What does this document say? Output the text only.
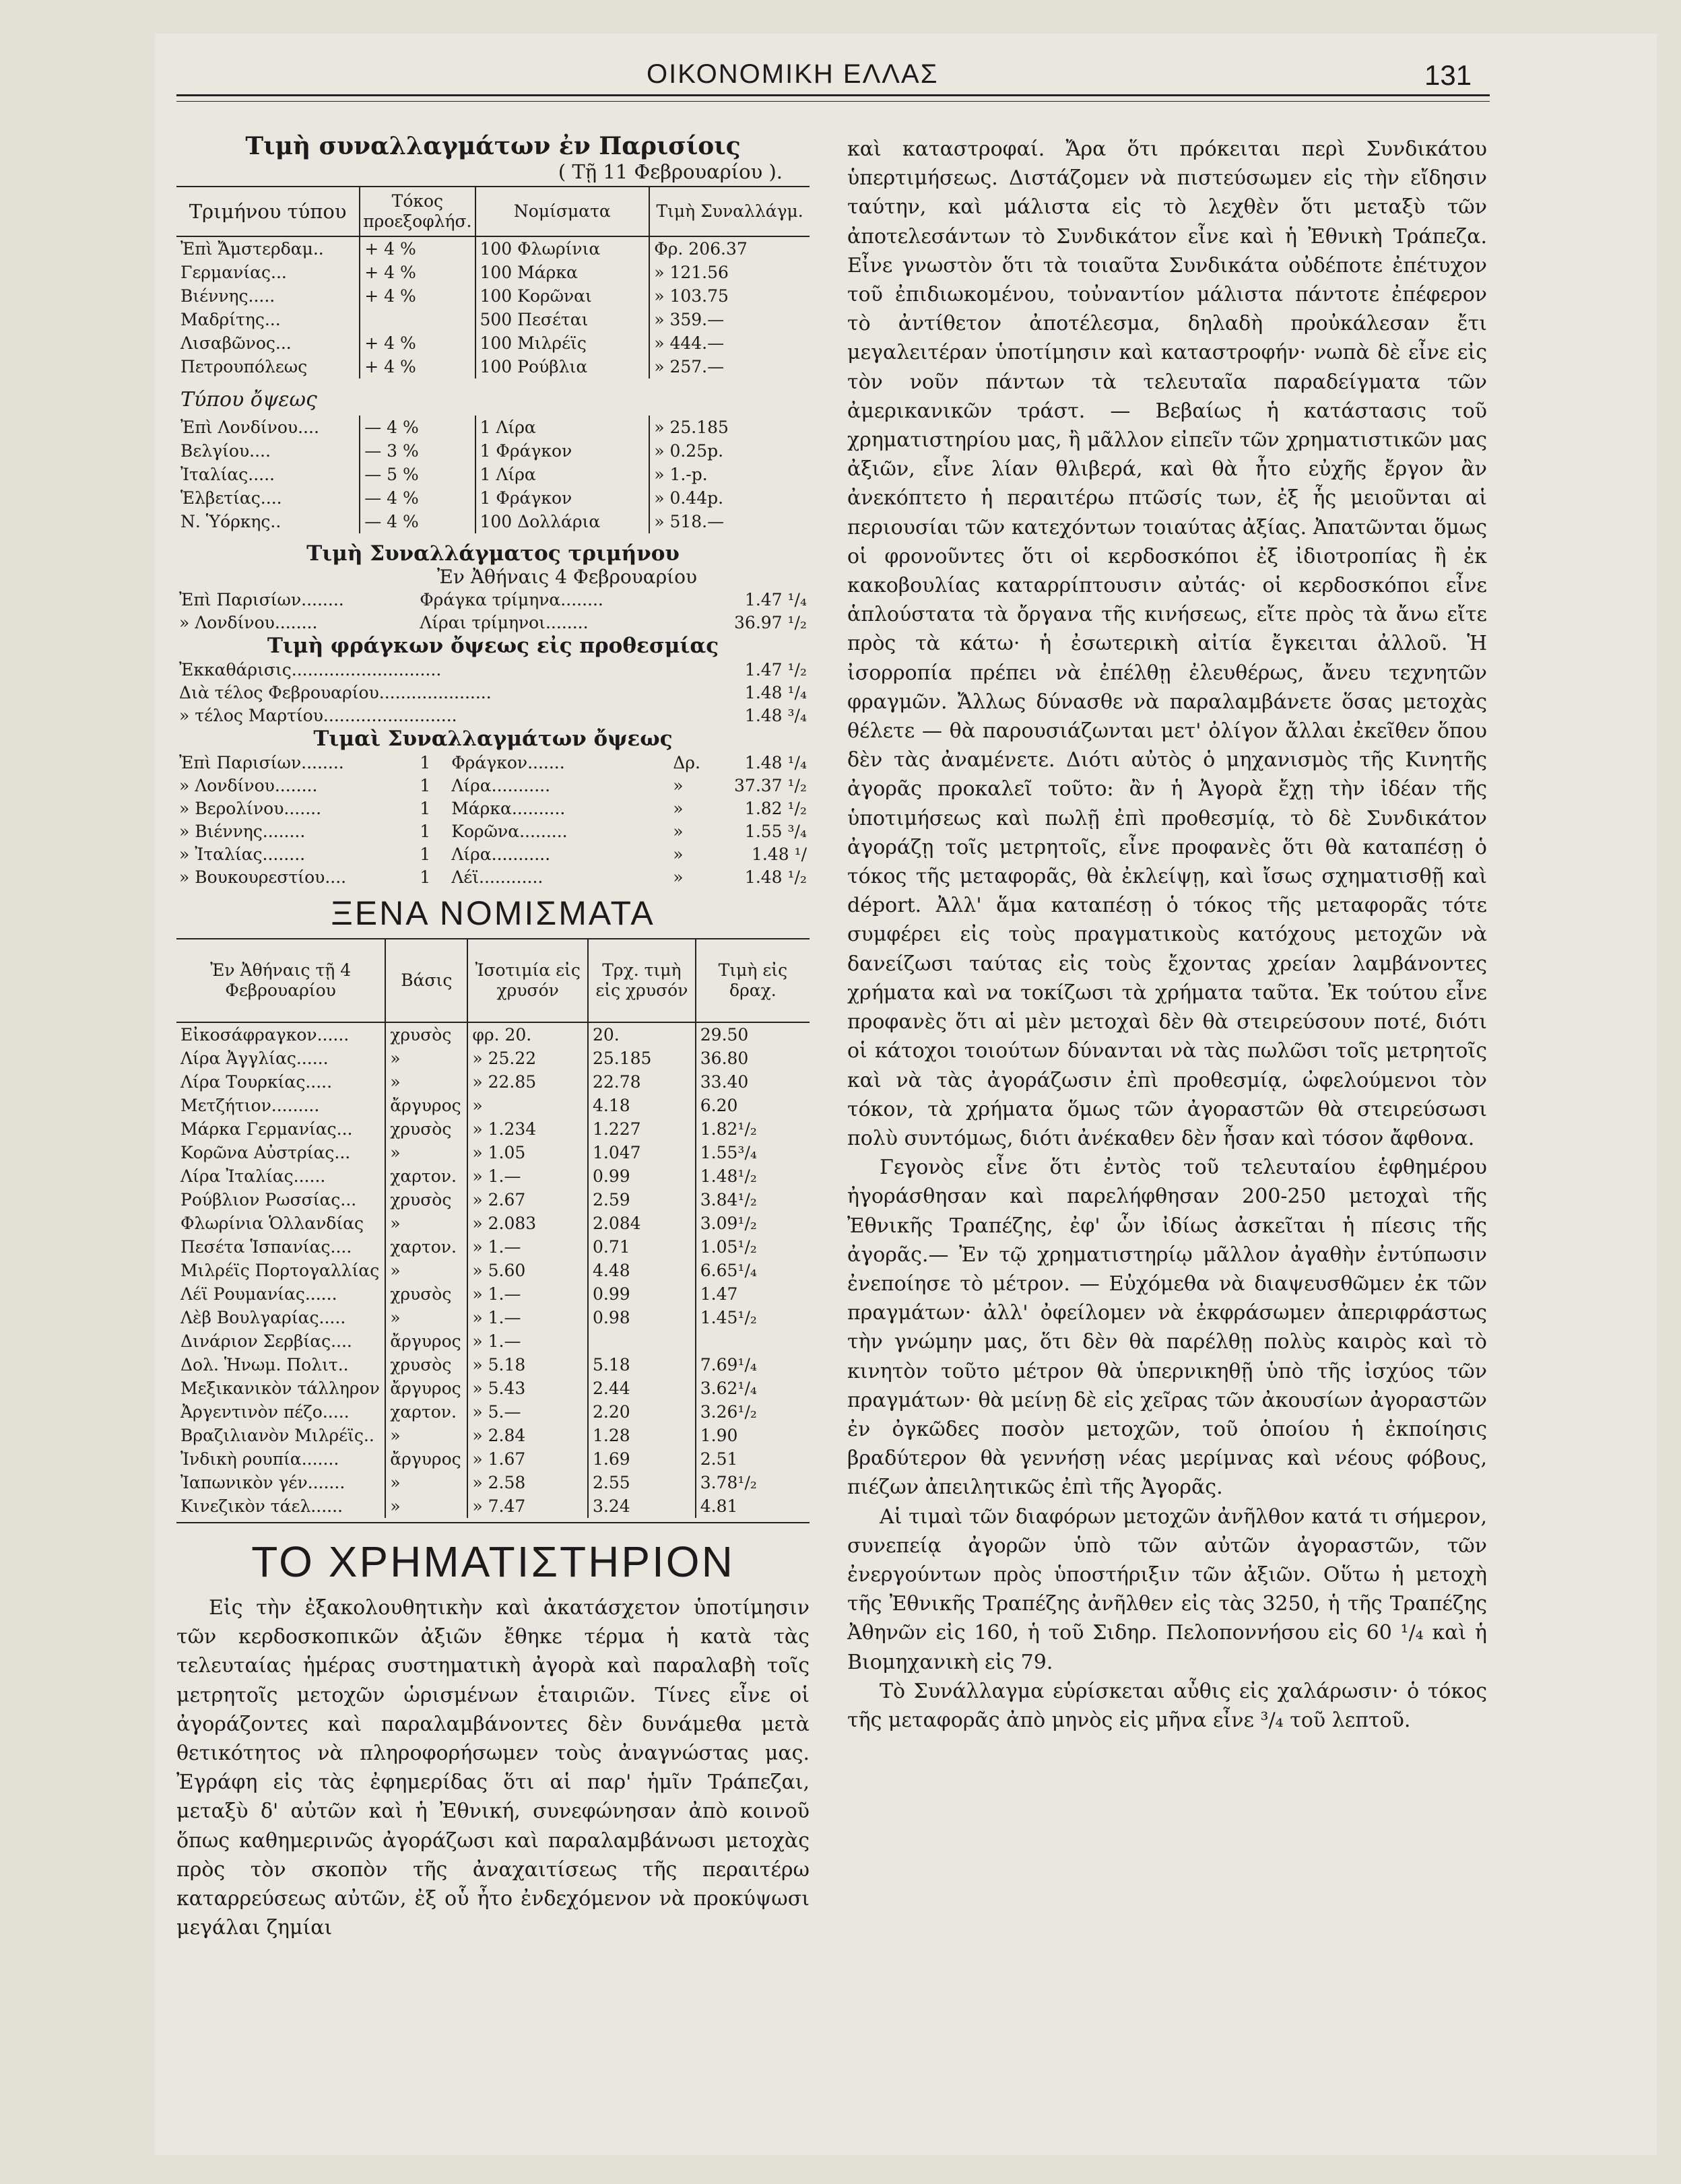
ΟΙΚΟΝΟΜΙΚΗ ΕΛΛΑΣ	131
Τιμὴ συναλλαγμάτων ἐν Παρισίοις
( Τῇ 11 Φεβρουαρίου ).
Τριμήνου τύπου	Τόκος προεξοφλήσ.	Νομίσματα	Τιμὴ Συναλλάγμ.
Ἐπὶ Ἄμστερδαμ..	+ 4 %	100 Φλωρίνια	Φρ. 206.37
Γερμανίας...	+ 4 %	100 Μάρκα	» 121.56
Βιέννης.....	+ 4 %	100 Κορῶναι	» 103.75
Μαδρίτης...		500 Πεσέται	» 359.—
Λισαβῶνος...	+ 4 %	100 Μιλρέϊς	» 444.—
Πετρουπόλεως	+ 4 %	100 Ρούβλια	» 257.—
Τύπου ὄψεως			
Ἐπὶ Λονδίνου....	— 4 %	1 Λίρα	» 25.185
Βελγίου....	— 3 %	1 Φράγκον	» 0.25p.
Ἰταλίας.....	— 5 %	1 Λίρα	» 1.-p.
Ἑλβετίας....	— 4 %	1 Φράγκον	» 0.44p.
Ν. Ὑόρκης..	— 4 %	100 Δολλάρια	» 518.—
Τιμὴ Συναλλάγματος τριμήνου
Ἐν Ἀθήναις 4 Φεβρουαρίου
Ἐπὶ Παρισίων........	Φράγκα τρίμηνα........	1.47 ¹/₄
» Λονδίνου........	Λίραι τρίμηνοι........	36.97 ¹/₂
Τιμὴ φράγκων ὄψεως εἰς προθεσμίας
Ἐκκαθάρισις............................	1.47 ¹/₂
Διὰ τέλος Φεβρουαρίου.....................	1.48 ¹/₄
» τέλος Μαρτίου.........................	1.48 ³/₄
Τιμαὶ Συναλλαγμάτων ὄψεως
Ἐπὶ Παρισίων........	1	Φράγκον.......	Δρ.	1.48 ¹/₄
» Λονδίνου........	1	Λίρα...........	»	37.37 ¹/₂
» Βερολίνου.......	1	Μάρκα..........	»	1.82 ¹/₂
» Βιέννης........	1	Κορῶνα.........	»	1.55 ³/₄
» Ἰταλίας........	1	Λίρα...........	»	1.48 ¹/
» Βουκουρεστίου....	1	Λέϊ............	»	1.48 ¹/₂
ΞΕΝΑ ΝΟΜΙΣΜΑΤΑ
Ἐν Ἀθήναις τῇ 4 Φεβρουαρίου	Βάσις	Ἰσοτιμία εἰς χρυσόν	Τρχ. τιμὴ εἰς χρυσόν	Τιμὴ εἰς δραχ.
Εἰκοσάφραγκον......	χρυσὸς	φρ. 20.	20.	29.50
Λίρα Ἀγγλίας......	»	» 25.22	25.185	36.80
Λίρα Τουρκίας.....	»	» 22.85	22.78	33.40
Μετζήτιον.........	ἄργυρος	»	4.18	6.20
Μάρκα Γερμανίας...	χρυσὸς	» 1.234	1.227	1.82¹/₂
Κορῶνα Αὐστρίας...	»	» 1.05	1.047	1.55³/₄
Λίρα Ἰταλίας......	χαρτον.	» 1.—	0.99	1.48¹/₂
Ρούβλιον Ρωσσίας...	χρυσὸς	» 2.67	2.59	3.84¹/₂
Φλωρίνια Ὁλλανδίας	»	» 2.083	2.084	3.09¹/₂
Πεσέτα Ἱσπανίας....	χαρτον.	» 1.—	0.71	1.05¹/₂
Μιλρέϊς Πορτογαλλίας	»	» 5.60	4.48	6.65¹/₄
Λέϊ Ρουμανίας......	χρυσὸς	» 1.—	0.99	1.47
Λὲβ Βουλγαρίας.....	»	» 1.—	0.98	1.45¹/₂
Δινάριον Σερβίας....	ἄργυρος	» 1.—		
Δολ. Ἡνωμ. Πολιτ..	χρυσὸς	» 5.18	5.18	7.69¹/₄
Μεξικανικὸν τάλληρον	ἄργυρος	» 5.43	2.44	3.62¹/₄
Ἀργεντινὸν πέζο.....	χαρτον.	» 5.—	2.20	3.26¹/₂
Βραζιλιανὸν Μιλρέϊς..	»	» 2.84	1.28	1.90
Ἰνδικὴ ρουπία.......	ἄργυρος	» 1.67	1.69	2.51
Ἰαπωνικὸν γέν.......	»	» 2.58	2.55	3.78¹/₂
Κινεζικὸν τάελ......	»	» 7.47	3.24	4.81
ΤΟ ΧΡΗΜΑΤΙΣΤΗΡΙΟΝ

Εἰς τὴν ἐξακολουθητικὴν καὶ ἀκατάσχετον ὑποτίμησιν τῶν κερδοσκοπικῶν ἀξιῶν ἔθηκε τέρμα ἡ κατὰ τὰς τελευταίας ἡμέρας συστηματικὴ ἀγορὰ καὶ παραλαβὴ τοῖς μετρητοῖς μετοχῶν ὡρισμένων ἑταιριῶν. Τίνες εἶνε οἱ ἀγοράζοντες καὶ παραλαμβάνοντες δὲν δυνάμεθα μετὰ θετικότητος νὰ πληροφορήσωμεν τοὺς ἀναγνώστας μας. Ἐγράφη εἰς τὰς ἐφημερίδας ὅτι αἱ παρ' ἡμῖν Τράπεζαι, μεταξὺ δ' αὐτῶν καὶ ἡ Ἐθνική, συνεφώνησαν ἀπὸ κοινοῦ ὅπως καθημερινῶς ἀγοράζωσι καὶ παραλαμβάνωσι μετοχὰς πρὸς τὸν σκοπὸν τῆς ἀναχαιτίσεως τῆς περαιτέρω καταρρεύσεως αὐτῶν, ἐξ οὗ ἦτο ἐνδεχόμενον νὰ προκύψωσι μεγάλαι ζημίαι

καὶ καταστροφαί. Ἄρα ὅτι πρόκειται περὶ Συνδικάτου ὑπερτιμήσεως. Διστάζομεν νὰ πιστεύσωμεν εἰς τὴν εἴδησιν ταύτην, καὶ μάλιστα εἰς τὸ λεχθὲν ὅτι μεταξὺ τῶν ἀποτελεσάντων τὸ Συνδικάτον εἶνε καὶ ἡ Ἐθνικὴ Τράπεζα. Εἶνε γνωστὸν ὅτι τὰ τοιαῦτα Συνδικάτα οὐδέποτε ἐπέτυχον τοῦ ἐπιδιωκομένου, τοὐναντίον μάλιστα πάντοτε ἐπέφερον τὸ ἀντίθετον ἀποτέλεσμα, δηλαδὴ προὐκάλεσαν ἔτι μεγαλειτέραν ὑποτίμησιν καὶ καταστροφήν· νωπὰ δὲ εἶνε εἰς τὸν νοῦν πάντων τὰ τελευταῖα παραδείγματα τῶν ἀμερικανικῶν τράστ. — Βεβαίως ἡ κατάστασις τοῦ χρηματιστηρίου μας, ἢ μᾶλλον εἰπεῖν τῶν χρηματιστικῶν μας ἀξιῶν, εἶνε λίαν θλιβερά, καὶ θὰ ἦτο εὐχῆς ἔργον ἂν ἀνεκόπτετο ἡ περαιτέρω πτῶσίς των, ἐξ ἧς μειοῦνται αἱ περιουσίαι τῶν κατεχόντων τοιαύτας ἀξίας. Ἀπατῶνται ὅμως οἱ φρονοῦντες ὅτι οἱ κερδοσκόποι ἐξ ἰδιοτροπίας ἢ ἐκ κακοβουλίας καταρρίπτουσιν αὐτάς· οἱ κερδοσκόποι εἶνε ἁπλούστατα τὰ ὄργανα τῆς κινήσεως, εἴτε πρὸς τὰ ἄνω εἴτε πρὸς τὰ κάτω· ἡ ἐσωτερικὴ αἰτία ἔγκειται ἀλλοῦ. Ἡ ἰσορροπία πρέπει νὰ ἐπέλθῃ ἐλευθέρως, ἄνευ τεχνητῶν φραγμῶν. Ἄλλως δύνασθε νὰ παραλαμβάνετε ὅσας μετοχὰς θέλετε — θὰ παρουσιάζωνται μετ' ὀλίγον ἄλλαι ἐκεῖθεν ὅπου δὲν τὰς ἀναμένετε. Διότι αὐτὸς ὁ μηχανισμὸς τῆς Κινητῆς ἀγορᾶς προκαλεῖ τοῦτο: ἂν ἡ Ἀγορὰ ἔχῃ τὴν ἰδέαν τῆς ὑποτιμήσεως καὶ πωλῇ ἐπὶ προθεσμίᾳ, τὸ δὲ Συνδικάτον ἀγοράζῃ τοῖς μετρητοῖς, εἶνε προφανὲς ὅτι θὰ καταπέσῃ ὁ τόκος τῆς μεταφορᾶς, θὰ ἐκλείψῃ, καὶ ἴσως σχηματισθῇ καὶ déport. Ἀλλ' ἅμα καταπέσῃ ὁ τόκος τῆς μεταφορᾶς τότε συμφέρει εἰς τοὺς πραγματικοὺς κατόχους μετοχῶν νὰ δανείζωσι ταύτας εἰς τοὺς ἔχοντας χρείαν λαμβάνοντες χρήματα καὶ να τοκίζωσι τὰ χρήματα ταῦτα. Ἐκ τούτου εἶνε προφανὲς ὅτι αἱ μὲν μετοχαὶ δὲν θὰ στειρεύσουν ποτέ, διότι οἱ κάτοχοι τοιούτων δύνανται νὰ τὰς πωλῶσι τοῖς μετρητοῖς καὶ νὰ τὰς ἀγοράζωσιν ἐπὶ προθεσμίᾳ, ὠφελούμενοι τὸν τόκον, τὰ χρήματα ὅμως τῶν ἀγοραστῶν θὰ στειρεύσωσι πολὺ συντόμως, διότι ἀνέκαθεν δὲν ἦσαν καὶ τόσον ἄφθονα.

Γεγονὸς εἶνε ὅτι ἐντὸς τοῦ τελευταίου ἑφθημέρου ἠγοράσθησαν καὶ παρελήφθησαν 200-250 μετοχαὶ τῆς Ἐθνικῆς Τραπέζης, ἐφ' ὧν ἰδίως ἀσκεῖται ἡ πίεσις τῆς ἀγορᾶς.— Ἐν τῷ χρηματιστηρίῳ μᾶλλον ἀγαθὴν ἐντύπωσιν ἐνεποίησε τὸ μέτρον. — Εὐχόμεθα νὰ διαψευσθῶμεν ἐκ τῶν πραγμάτων· ἀλλ' ὀφείλομεν νὰ ἐκφράσωμεν ἀπεριφράστως τὴν γνώμην μας, ὅτι δὲν θὰ παρέλθῃ πολὺς καιρὸς καὶ τὸ κινητὸν τοῦτο μέτρον θὰ ὑπερνικηθῇ ὑπὸ τῆς ἰσχύος τῶν πραγμάτων· θὰ μείνῃ δὲ εἰς χεῖρας τῶν ἀκουσίων ἀγοραστῶν ἐν ὀγκῶδες ποσὸν μετοχῶν, τοῦ ὁποίου ἡ ἐκποίησις βραδύτερον θὰ γεννήσῃ νέας μερίμνας καὶ νέους φόβους, πιέζων ἀπειλητικῶς ἐπὶ τῆς Ἀγορᾶς.

Αἱ τιμαὶ τῶν διαφόρων μετοχῶν ἀνῆλθον κατά τι σήμερον, συνεπείᾳ ἀγορῶν ὑπὸ τῶν αὐτῶν ἀγοραστῶν, τῶν ἐνεργούντων πρὸς ὑποστήριξιν τῶν ἀξιῶν. Οὕτω ἡ μετοχὴ τῆς Ἐθνικῆς Τραπέζης ἀνῆλθεν εἰς τὰς 3250, ἡ τῆς Τραπέζης Ἀθηνῶν εἰς 160, ἡ τοῦ Σιδηρ. Πελοποννήσου εἰς 60 ¹/₄ καὶ ἡ Βιομηχανικὴ εἰς 79.

Τὸ Συνάλλαγμα εὑρίσκεται αὖθις εἰς χαλάρωσιν· ὁ τόκος τῆς μεταφορᾶς ἀπὸ μηνὸς εἰς μῆνα εἶνε ³/₄ τοῦ λεπτοῦ.
